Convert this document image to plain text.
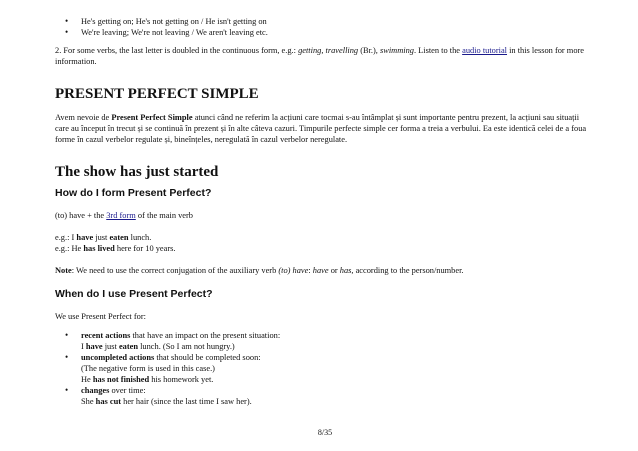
• He's getting on; He's not getting on / He isn't getting on
• We're leaving; We're not leaving / We aren't leaving etc.

2. For some verbs, the last letter is doubled in the continuous form, e.g.: getting, travelling (Br.), swimming. Listen to the audio tutorial in this lesson for more information.

PRESENT PERFECT SIMPLE

Avem nevoie de Present Perfect Simple atunci când ne referim la acțiuni care tocmai s-au întâmplat și sunt importante pentru prezent, la acțiuni sau situații care au început în trecut și se continuă în prezent și în alte câteva cazuri. Timpurile perfecte simple cer forma a treia a verbului. Ea este identică celei de a foua forme în cazul verbelor regulate și, bineînțeles, neregulată în cazul verbelor neregulate.

The show has just started
How do I form Present Perfect?

(to) have + the 3rd form of the main verb

e.g.: I have just eaten lunch.

e.g.: He has lived here for 10 years.

Note: We need to use the correct conjugation of the auxiliary verb (to) have: have or has, according to the person/number.

When do I use Present Perfect?

We use Present Perfect for:

• recent actions that have an impact on the present situation:
I have just eaten lunch. (So I am not hungry.)
• uncompleted actions that should be completed soon:
(The negative form is used in this case.)
He has not finished his homework yet.
• changes over time:
She has cut her hair (since the last time I saw her).
8/35
